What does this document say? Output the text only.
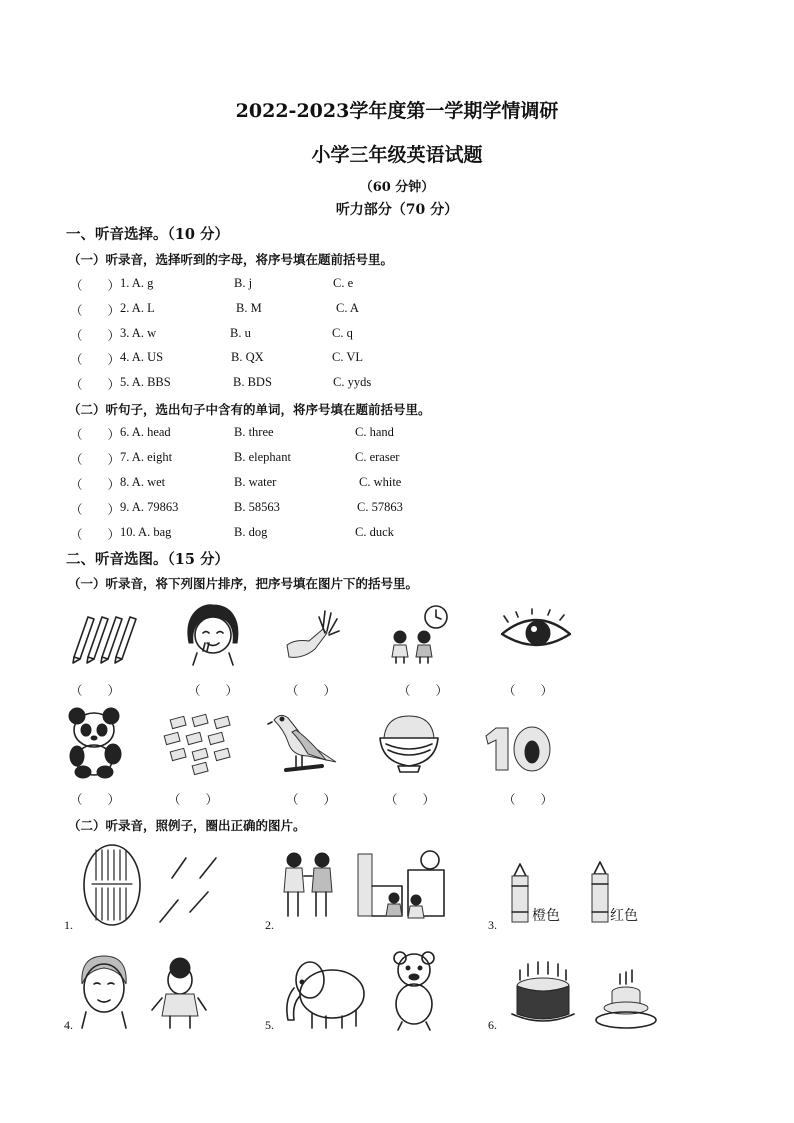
2022-2023学年度第一学期学情调研
小学三年级英语试题
（60 分钟）
听力部分（70 分）
一、听音选择。（10 分）
（一）听录音，选择听到的字母，将序号填在题前括号里。
（　　） 1. A. g	B. j	C. e
（　　） 2. A. L	B. M	C. A
（　　） 3. A. w	B. u	C. q
（　　） 4. A. US	B. QX	C. VL
（　　） 5. A. BBS	B. BDS	C. yyds
（二）听句子，选出句子中含有的单词，将序号填在题前括号里。
（　　） 6. A. head	B. three	C. hand
（　　） 7. A. eight	B. elephant	C. eraser
（　　） 8. A. wet	B. water	C. white
（　　） 9. A. 79863	B. 58563	C. 57863
（　　） 10. A. bag	B. dog	C. duck
二、听音选图。（15 分）
（一）听录音，将下列图片排序，把序号填在图片下的括号里。
（　　）	（　　）	（　　）	（　　）	（　　）
（　　）	（　　）	（　　）	（　　）	（　　）
（二）听录音，照例子，圈出正确的图片。
1.	2.	3.
橙色	红色
4.	5.	6.
